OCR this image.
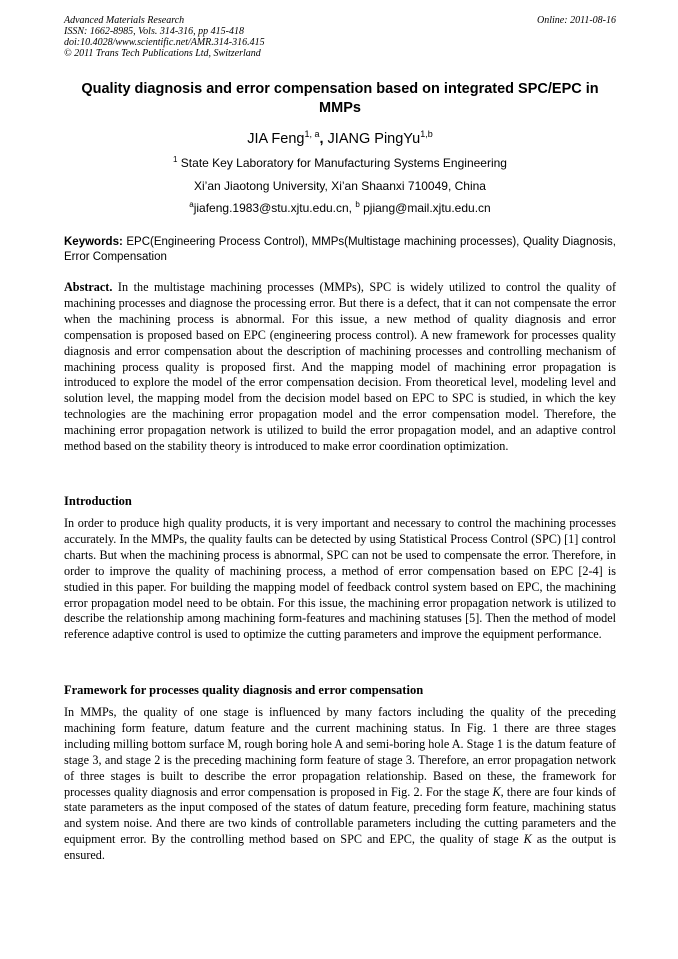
Advanced Materials Research
ISSN: 1662-8985, Vols. 314-316, pp 415-418
doi:10.4028/www.scientific.net/AMR.314-316.415
© 2011 Trans Tech Publications Ltd, Switzerland
Online: 2011-08-16
Quality diagnosis and error compensation based on integrated SPC/EPC in MMPs
JIA Feng$^{1, a}$, JIANG PingYu$^{1,b}$
$^1$ State Key Laboratory for Manufacturing Systems Engineering
Xi’an Jiaotong University, Xi’an Shaanxi 710049, China
$^a$jiafeng.1983@stu.xjtu.edu.cn, $^b$ pjiang@mail.xjtu.edu.cn
Keywords: EPC(Engineering Process Control), MMPs(Multistage machining processes), Quality Diagnosis, Error Compensation
Abstract. In the multistage machining processes (MMPs), SPC is widely utilized to control the quality of machining processes and diagnose the processing error. But there is a defect, that it can not compensate the error when the machining process is abnormal. For this issue, a new method of quality diagnosis and error compensation is proposed based on EPC (engineering process control). A new framework for processes quality diagnosis and error compensation about the description of machining processes and controlling mechanism of machining process quality is proposed first. And the mapping model of machining error propagation is introduced to explore the model of the error compensation decision. From theoretical level, modeling level and solution level, the mapping model from the decision model based on EPC to SPC is studied, in which the key technologies are the machining error propagation model and the error compensation model. Therefore, the machining error propagation network is utilized to build the error propagation model, and an adaptive control method based on the stability theory is introduced to make error coordination optimization.
Introduction
In order to produce high quality products, it is very important and necessary to control the machining processes accurately. In the MMPs, the quality faults can be detected by using Statistical Process Control (SPC) [1] control charts. But when the machining process is abnormal, SPC can not be used to compensate the error. Therefore, in order to improve the quality of machining process, a method of error compensation based on EPC [2-4] is studied in this paper. For building the mapping model of feedback control system based on EPC, the machining error propagation model need to be obtain. For this issue, the machining error propagation network is utilized to describe the relationship among machining form-features and machining statuses [5]. Then the method of model reference adaptive control is used to optimize the cutting parameters and improve the equipment performance.
Framework for processes quality diagnosis and error compensation
In MMPs, the quality of one stage is influenced by many factors including the quality of the preceding machining form feature, datum feature and the current machining status. In Fig. 1 there are three stages including milling bottom surface M, rough boring hole A and semi-boring hole A. Stage 1 is the datum feature of stage 3, and stage 2 is the preceding machining form feature of stage 3. Therefore, an error propagation network of three stages is built to describe the error propagation relationship. Based on these, the framework for processes quality diagnosis and error compensation is proposed in Fig. 2. For the stage K, there are four kinds of state parameters as the input composed of the states of datum feature, preceding form feature, machining status and system noise. And there are two kinds of controllable parameters including the cutting parameters and the equipment error. By the controlling method based on SPC and EPC, the quality of stage K as the output is ensured.
